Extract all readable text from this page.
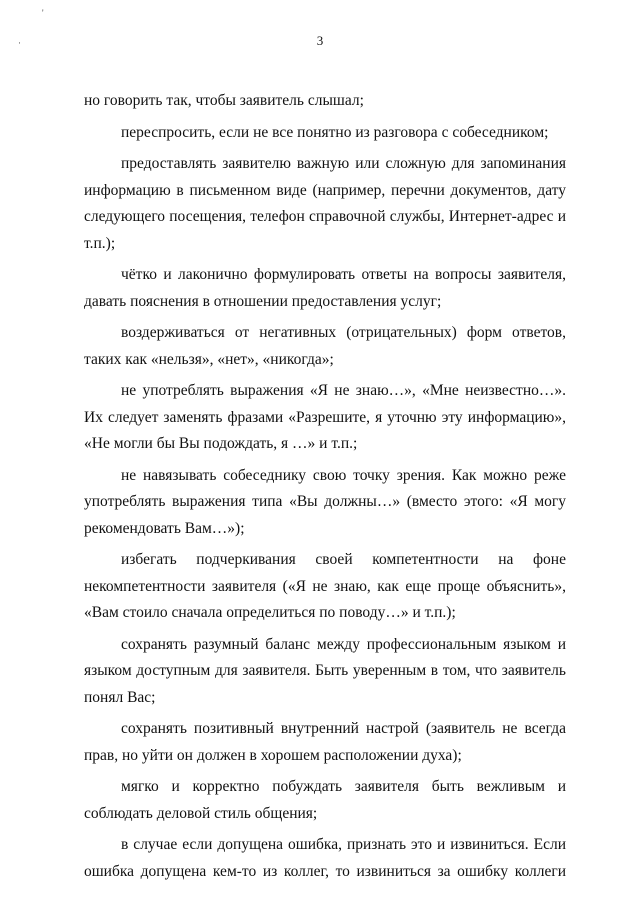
'
·	3

но говорить так, чтобы заявитель слышал;

переспросить, если не все понятно из разговора с собеседником;

предоставлять заявителю важную или сложную для запоминания информацию в письменном виде (например, перечни документов, дату следующего посещения, телефон справочной службы, Интернет-адрес и т.п.);

чётко и лаконично формулировать ответы на вопросы заявителя, давать пояснения в отношении предоставления услуг;

воздерживаться от негативных (отрицательных) форм ответов, таких как «нельзя», «нет», «никогда»;

не употреблять выражения «Я не знаю…», «Мне неизвестно…». Их следует заменять фразами «Разрешите, я уточню эту информацию», «Не могли бы Вы подождать, я …» и т.п.;

не навязывать собеседнику свою точку зрения. Как можно реже употреблять выражения типа «Вы должны…» (вместо этого: «Я могу рекомендовать Вам…»);

избегать подчеркивания своей компетентности на фоне некомпетентности заявителя («Я не знаю, как еще проще объяснить», «Вам стоило сначала определиться по поводу…» и т.п.);

сохранять разумный баланс между профессиональным языком и языком доступным для заявителя. Быть уверенным в том, что заявитель понял Вас;

сохранять позитивный внутренний настрой (заявитель не всегда прав, но уйти он должен в хорошем расположении духа);

мягко и корректно побуждать заявителя быть вежливым и соблюдать деловой стиль общения;

в случае если допущена ошибка, признать это и извиниться. Если ошибка допущена кем-то из коллег, то извиниться за ошибку коллеги
